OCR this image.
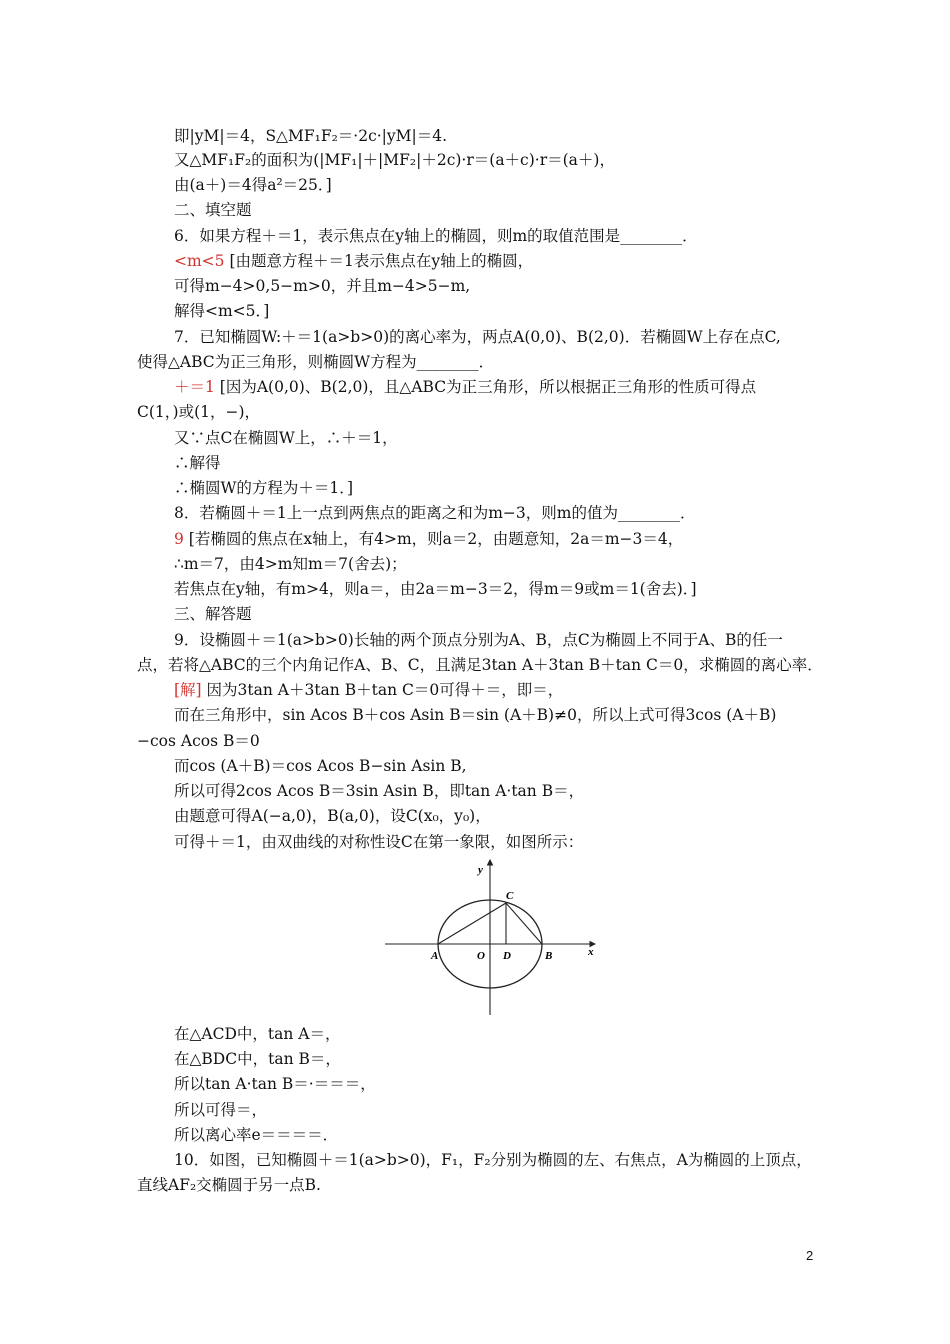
即|yM|＝4，S△MF₁F₂＝·2c·|yM|＝4.
又△MF₁F₂的面积为(|MF₁|＋|MF₂|＋2c)·r＝(a＋c)·r＝(a＋)，
由(a＋)＝4得a²＝25．]
二、填空题
6．如果方程＋＝1，表示焦点在y轴上的椭圆，则m的取值范围是________．
<m<5 [由题意方程＋＝1表示焦点在y轴上的椭圆，
可得m−4>0,5−m>0，并且m−4>5−m,
解得<m<5．]
7．已知椭圆W:＋＝1(a>b>0)的离心率为，两点A(0,0)、B(2,0)．若椭圆W上存在点C,
使得△ABC为正三角形，则椭圆W方程为________．
＋＝1 [因为A(0,0)、B(2,0)，且△ABC为正三角形，所以根据正三角形的性质可得点
C(1，)或(1，−)，
又∵点C在椭圆W上，∴＋＝1，
∴解得
∴椭圆W的方程为＋＝1．]
8．若椭圆＋＝1上一点到两焦点的距离之和为m−3，则m的值为________．
9 [若椭圆的焦点在x轴上，有4>m，则a＝2，由题意知，2a＝m−3＝4，
∴m＝7，由4>m知m＝7(舍去)；
若焦点在y轴，有m>4，则a＝，由2a＝m−3＝2，得m＝9或m＝1(舍去)．]
三、解答题
9．设椭圆＋＝1(a>b>0)长轴的两个顶点分别为A、B，点C为椭圆上不同于A、B的任一
点，若将△ABC的三个内角记作A、B、C，且满足3tan A＋3tan B＋tan C＝0，求椭圆的离心率．
[解] 因为3tan A＋3tan B＋tan C＝0可得＋＝，即＝，
而在三角形中，sin Acos B＋cos Asin B＝sin (A＋B)≠0，所以上式可得3cos (A＋B)
−cos Acos B＝0
而cos (A＋B)＝cos Acos B−sin Asin B,
所以可得2cos Acos B＝3sin Asin B，即tan A·tan B＝，
由题意可得A(−a,0)，B(a,0)，设C(x₀，y₀)，
可得＋＝1，由双曲线的对称性设C在第一象限，如图所示：
在△ACD中，tan A＝，
在△BDC中，tan B＝，
所以tan A·tan B＝·＝＝＝，
所以可得＝，
所以离心率e＝＝＝＝．
10．如图，已知椭圆＋＝1(a>b>0)，F₁，F₂分别为椭圆的左、右焦点，A为椭圆的上顶点，
直线AF₂交椭圆于另一点B.
y
x
C
A	O D	B
2
